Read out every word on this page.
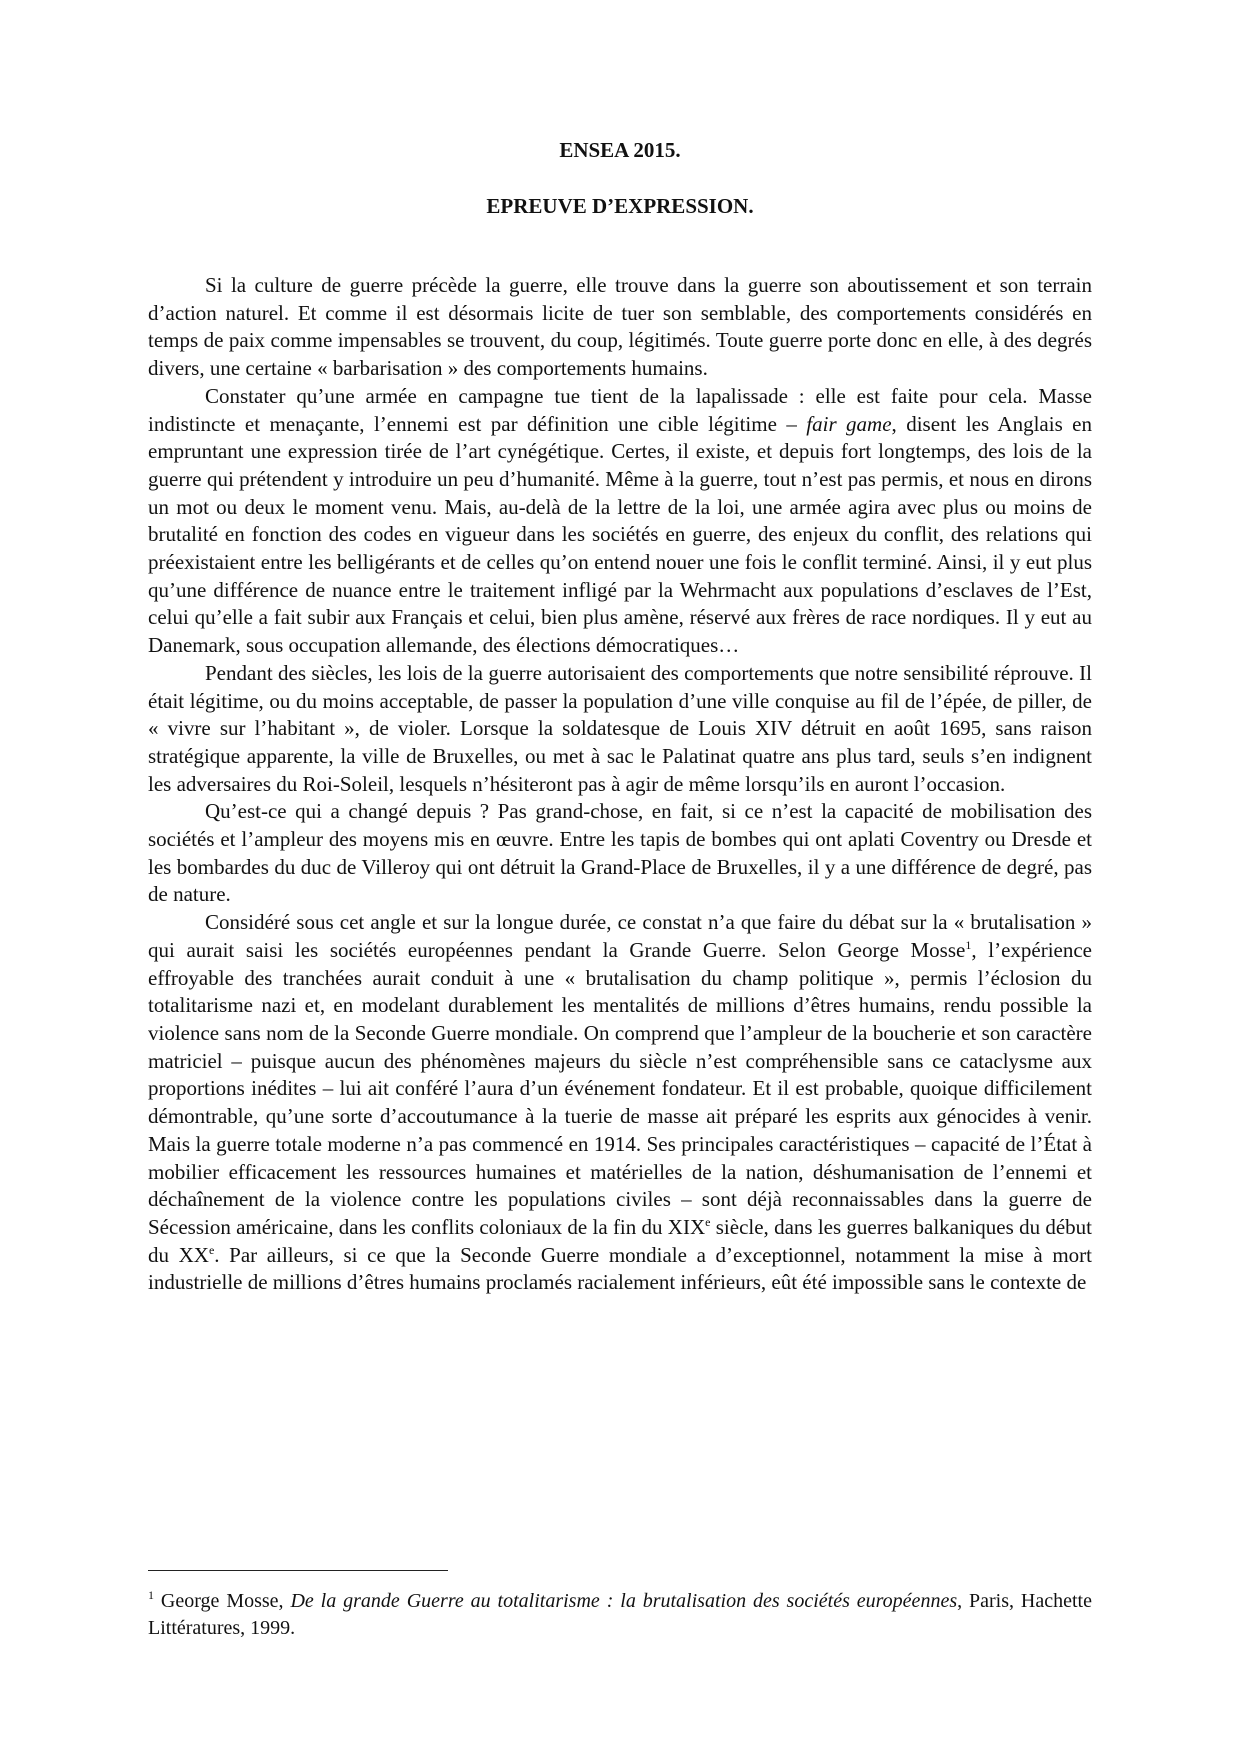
ENSEA 2015.

EPREUVE D’EXPRESSION.

Si la culture de guerre précède la guerre, elle trouve dans la guerre son aboutissement et son terrain d’action naturel. Et comme il est désormais licite de tuer son semblable, des comportements considérés en temps de paix comme impensables se trouvent, du coup, légitimés. Toute guerre porte donc en elle, à des degrés divers, une certaine « barbarisation » des comportements humains.

Constater qu’une armée en campagne tue tient de la lapalissade : elle est faite pour cela. Masse indistincte et menaçante, l’ennemi est par définition une cible légitime – fair game, disent les Anglais en empruntant une expression tirée de l’art cynégétique. Certes, il existe, et depuis fort longtemps, des lois de la guerre qui prétendent y introduire un peu d’humanité. Même à la guerre, tout n’est pas permis, et nous en dirons un mot ou deux le moment venu. Mais, au-delà de la lettre de la loi, une armée agira avec plus ou moins de brutalité en fonction des codes en vigueur dans les sociétés en guerre, des enjeux du conflit, des relations qui préexistaient entre les belligérants et de celles qu’on entend nouer une fois le conflit terminé. Ainsi, il y eut plus qu’une différence de nuance entre le traitement infligé par la Wehrmacht aux populations d’esclaves de l’Est, celui qu’elle a fait subir aux Français et celui, bien plus amène, réservé aux frères de race nordiques. Il y eut au Danemark, sous occupation allemande, des élections démocratiques…

Pendant des siècles, les lois de la guerre autorisaient des comportements que notre sensibilité réprouve. Il était légitime, ou du moins acceptable, de passer la population d’une ville conquise au fil de l’épée, de piller, de « vivre sur l’habitant », de violer. Lorsque la soldatesque de Louis XIV détruit en août 1695, sans raison stratégique apparente, la ville de Bruxelles, ou met à sac le Palatinat quatre ans plus tard, seuls s’en indignent les adversaires du Roi-Soleil, lesquels n’hésiteront pas à agir de même lorsqu’ils en auront l’occasion.

Qu’est-ce qui a changé depuis ? Pas grand-chose, en fait, si ce n’est la capacité de mobilisation des sociétés et l’ampleur des moyens mis en œuvre. Entre les tapis de bombes qui ont aplati Coventry ou Dresde et les bombardes du duc de Villeroy qui ont détruit la Grand-Place de Bruxelles, il y a une différence de degré, pas de nature.

Considéré sous cet angle et sur la longue durée, ce constat n’a que faire du débat sur la « brutalisation » qui aurait saisi les sociétés européennes pendant la Grande Guerre. Selon George Mosse$^1$, l’expérience effroyable des tranchées aurait conduit à une « brutalisation du champ politique », permis l’éclosion du totalitarisme nazi et, en modelant durablement les mentalités de millions d’êtres humains, rendu possible la violence sans nom de la Seconde Guerre mondiale. On comprend que l’ampleur de la boucherie et son caractère matriciel – puisque aucun des phénomènes majeurs du siècle n’est compréhensible sans ce cataclysme aux proportions inédites – lui ait conféré l’aura d’un événement fondateur. Et il est probable, quoique difficilement démontrable, qu’une sorte d’accoutumance à la tuerie de masse ait préparé les esprits aux génocides à venir. Mais la guerre totale moderne n’a pas commencé en 1914. Ses principales caractéristiques – capacité de l’État à mobilier efficacement les ressources humaines et matérielles de la nation, déshumanisation de l’ennemi et déchaînement de la violence contre les populations civiles – sont déjà reconnaissables dans la guerre de Sécession américaine, dans les conflits coloniaux de la fin du XIXe siècle, dans les guerres balkaniques du début du XXe. Par ailleurs, si ce que la Seconde Guerre mondiale a d’exceptionnel, notamment la mise à mort industrielle de millions d’êtres humains proclamés racialement inférieurs, eût été impossible sans le contexte de

$^1$ George Mosse, De la grande Guerre au totalitarisme : la brutalisation des sociétés européennes, Paris, Hachette Littératures, 1999.
